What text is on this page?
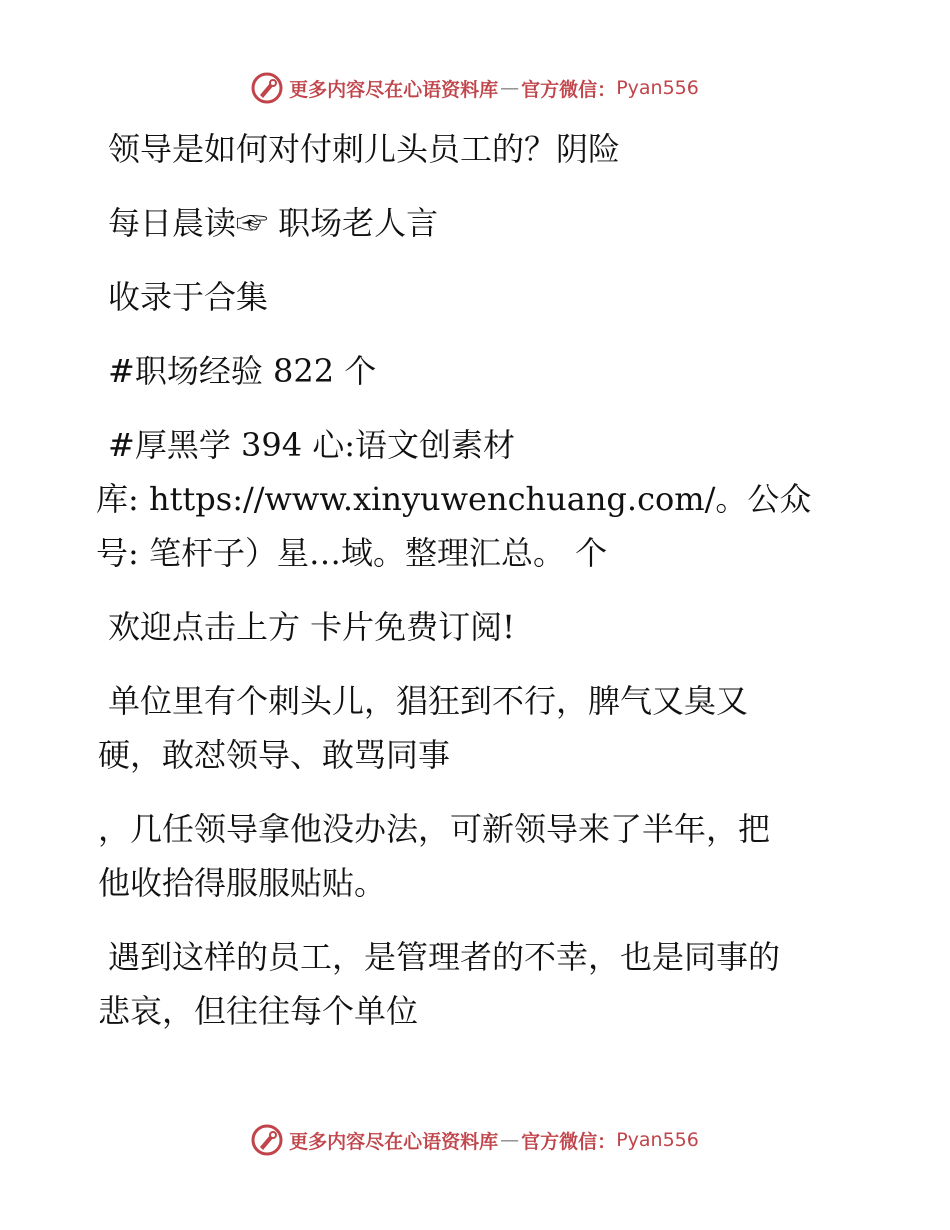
更多内容尽在心语资料库 — 官方微信： Pyan556
领导是如何对付刺儿头员工的？阴险
每日晨读☞ 职场老人言
收录于合集
#职场经验 822 个
#厚黑学 394 心:语文创素材
库: https://www.xinyuwenchuang.com/。公众
号: 笔杆子）星…域。整理汇总。 个
欢迎点击上方 卡片免费订阅!
单位里有个刺头儿，猖狂到不行，脾气又臭又
硬，敢怼领导、敢骂同事
，几任领导拿他没办法，可新领导来了半年，把
他收拾得服服贴贴。
遇到这样的员工，是管理者的不幸，也是同事的
悲哀，但往往每个单位
更多内容尽在心语资料库 — 官方微信： Pyan556
